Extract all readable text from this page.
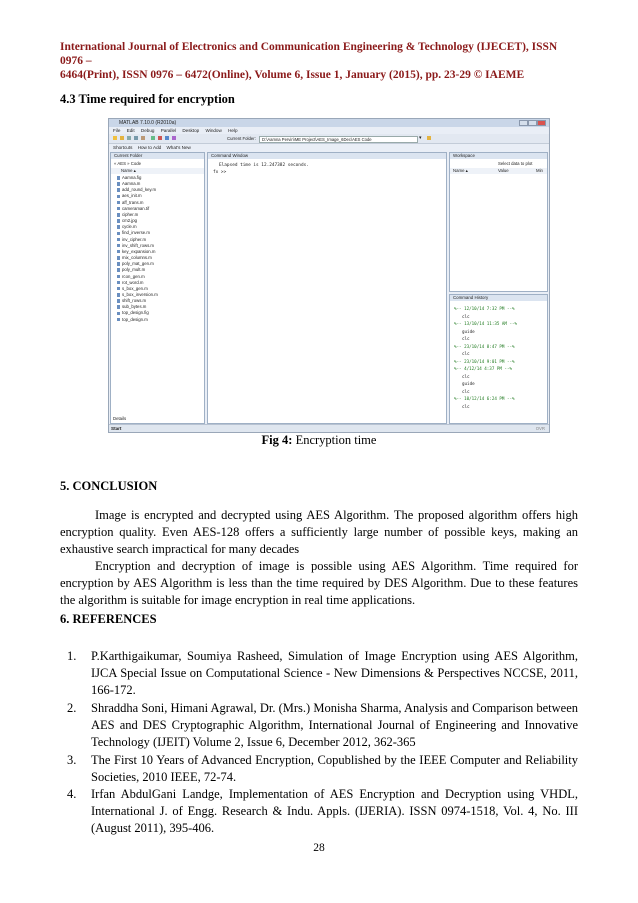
International Journal of Electronics and Communication Engineering & Technology (IJECET), ISSN 0976 –
6464(Print), ISSN 0976 – 6472(Online), Volume 6, Issue 1, January (2015), pp. 23-29 © IAEME
4.3 Time required for encryption
MATLAB 7.10.0 (R2010a)
File Edit Debug Parallel Desktop Window Help
Current Folder:	D:\Aamna Pervin\ME Project\AES_Image_6Dec\AES Code	▾
Shortcuts How to Add What's New
Current Folder
« AES » Code
Name ▴
Aamna.fig
Aamna.m
add_round_key.m
aes_init.m
aff_trans.m
cameraman.tif
cipher.m
cm2.jpg
cycle.m
find_inverse.m
inv_cipher.m
inv_shift_rows.m
key_expansion.m
mix_columns.m
poly_mat_gen.m
poly_mult.m
rcon_gen.m
rot_word.m
s_box_gen.m
s_box_inversion.m
shift_rows.m
sub_bytes.m
top_design.fig
top_design.m
Details
Command Window
Elapsed time is 12.247382 seconds.
fx >>
Workspace
Select data to plot
Name ▴	Value	Min
Command History
%-- 12/10/14 7:32 PM --%
clc
%-- 13/10/14 11:35 AM --%
guide
clc
%-- 23/10/14 8:47 PM --%
clc
%-- 23/10/14 9:01 PM --%
%-- 4/12/14 4:37 PM --%
clc
guide
clc
%-- 10/12/14 6:24 PM --%
clc
Start	OVR
Fig 4: Encryption time
5. CONCLUSION
Image is encrypted and decrypted using AES Algorithm. The proposed algorithm offers high encryption quality. Even AES-128 offers a sufficiently large number of possible keys, making an exhaustive search impractical for many decades
Encryption and decryption of image is possible using AES Algorithm. Time required for encryption by AES Algorithm is less than the time required by DES Algorithm. Due to these features the algorithm is suitable for image encryption in real time applications.
6. REFERENCES
1. P.Karthigaikumar, Soumiya Rasheed, Simulation of Image Encryption using AES Algorithm, IJCA Special Issue on Computational Science - New Dimensions & Perspectives NCCSE, 2011, 166-172.
2. Shraddha Soni, Himani Agrawal, Dr. (Mrs.) Monisha Sharma, Analysis and Comparison between AES and DES Cryptographic Algorithm, International Journal of Engineering and Innovative Technology (IJEIT) Volume 2, Issue 6, December 2012, 362-365
3. The First 10 Years of Advanced Encryption, Copublished by the IEEE Computer and Reliability Societies, 2010 IEEE, 72-74.
4. Irfan AbdulGani Landge, Implementation of AES Encryption and Decryption using VHDL, International J. of Engg. Research & Indu. Appls. (IJERIA). ISSN 0974-1518, Vol. 4, No. III (August 2011), 395-406.
28
